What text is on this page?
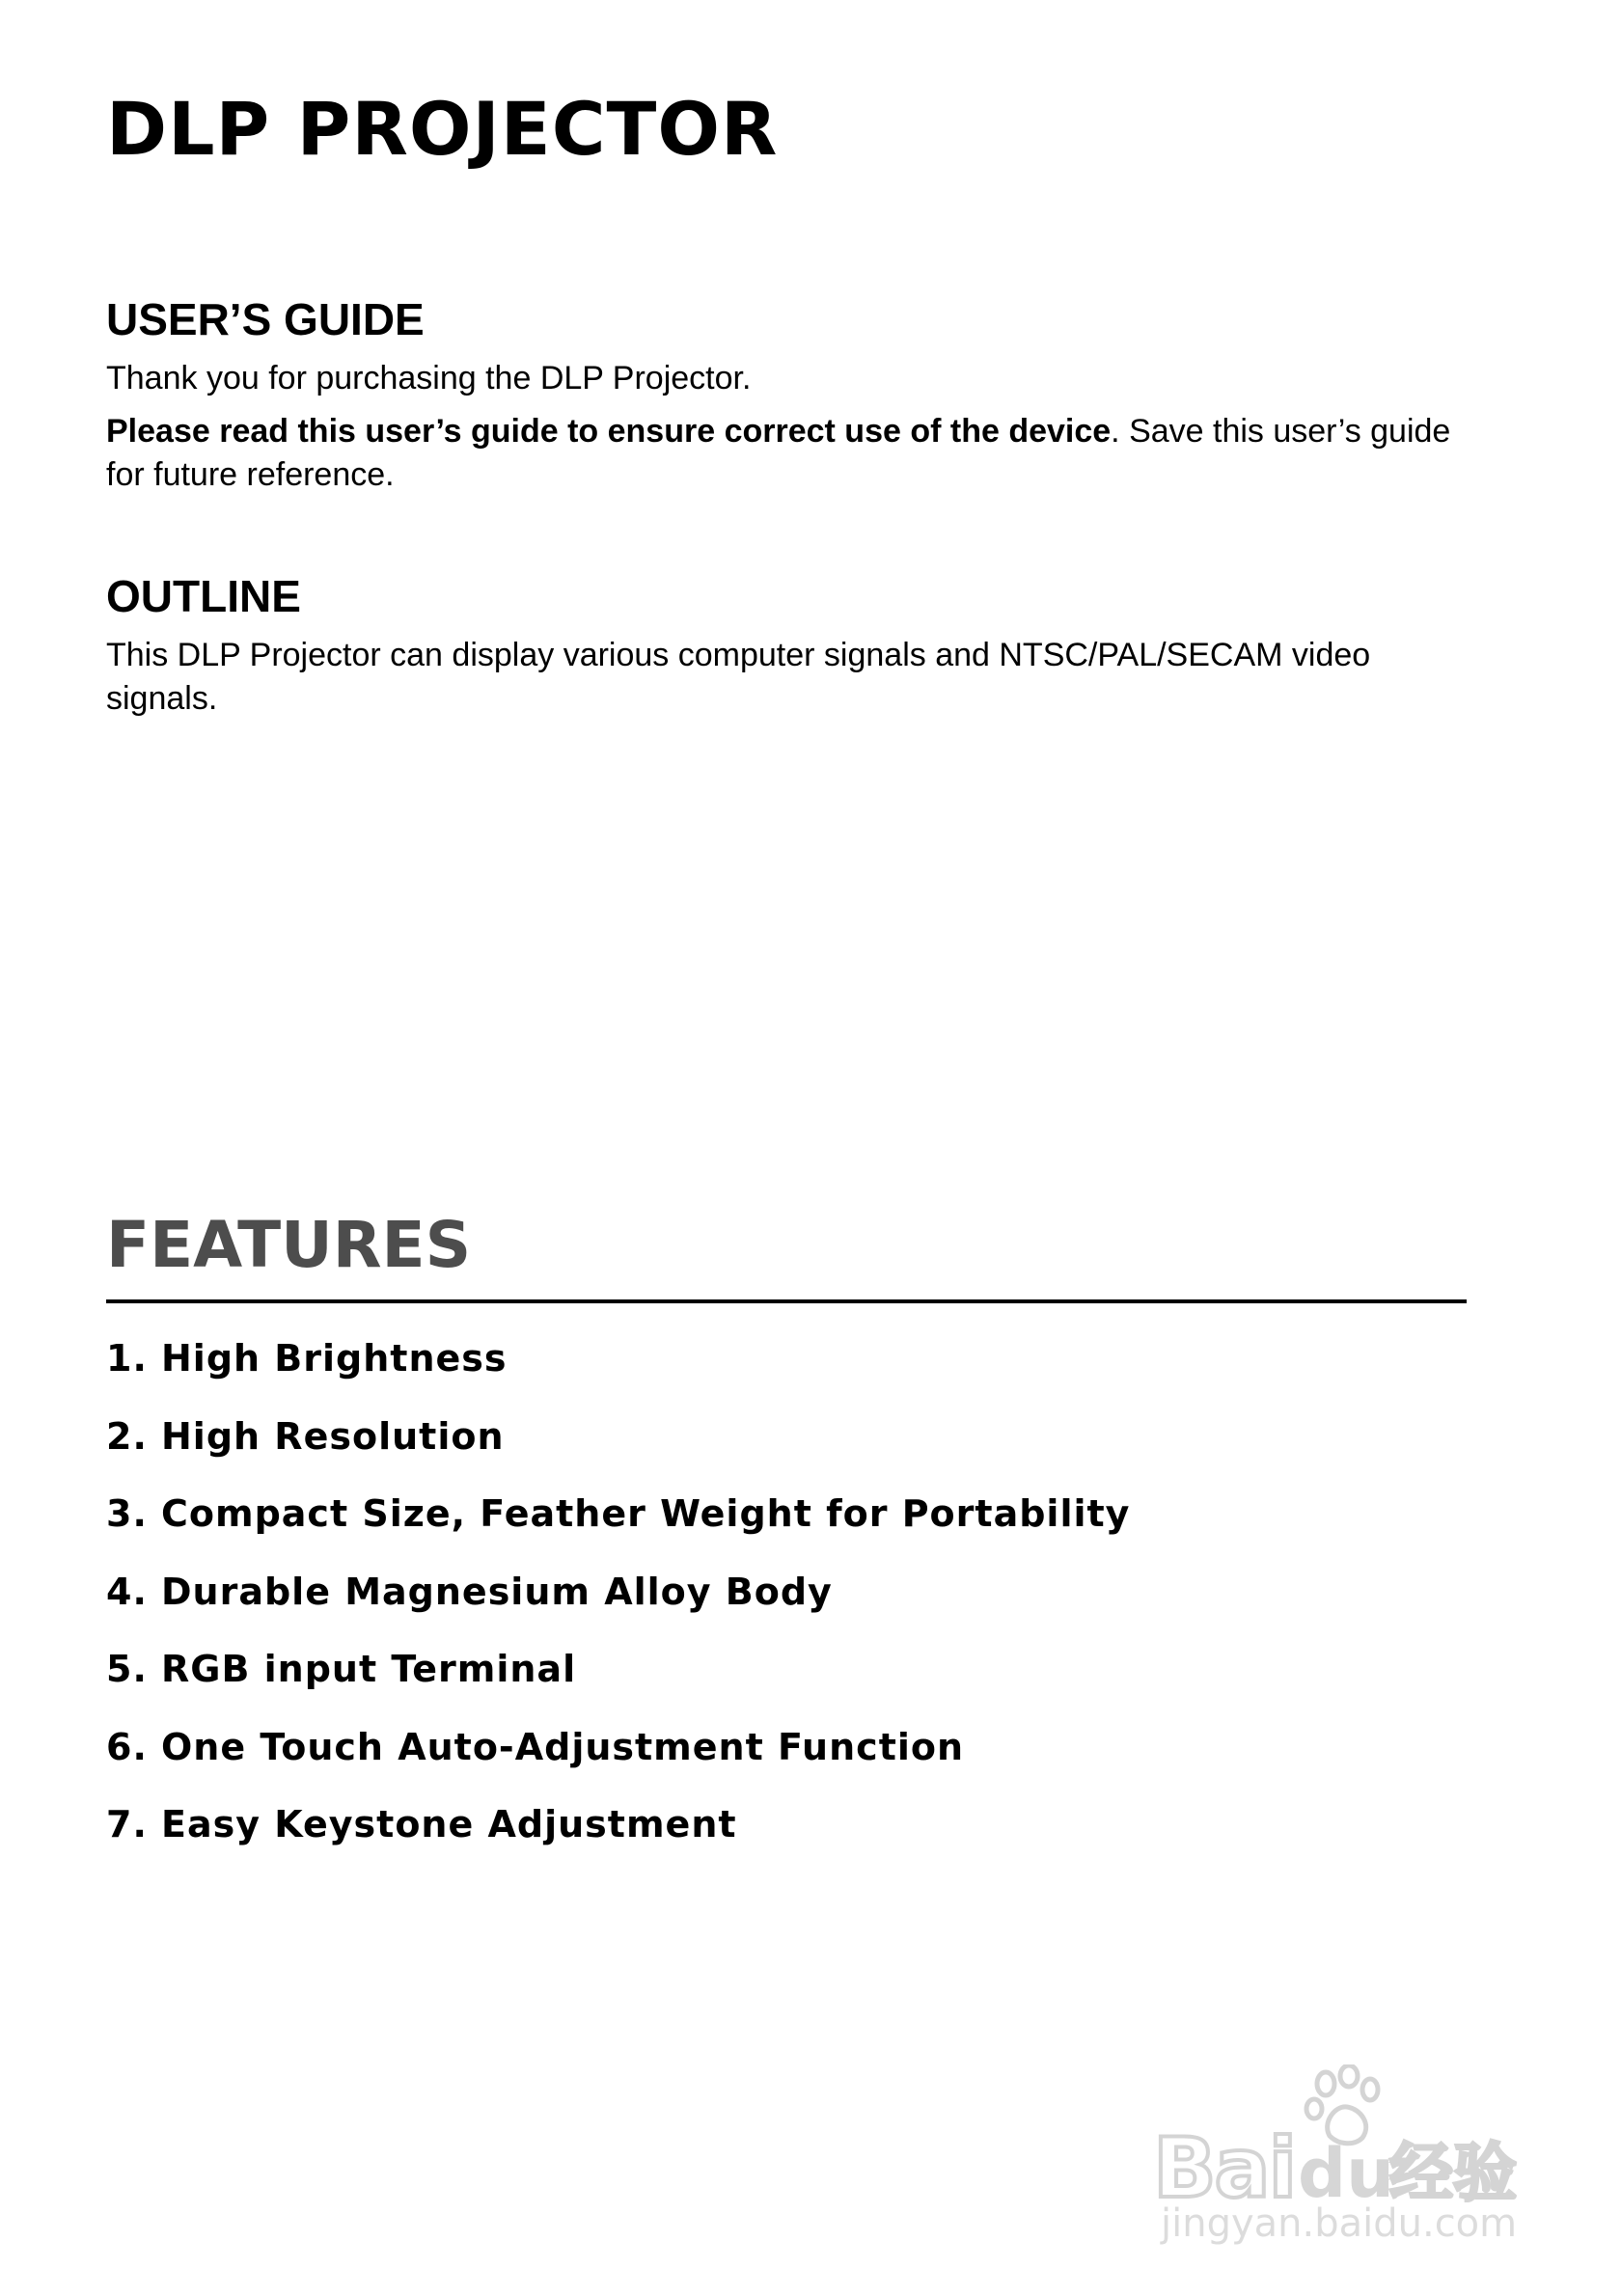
DLP PROJECTOR
USER’S GUIDE

Thank you for purchasing the DLP Projector.

Please read this user’s guide to ensure correct use of the device. Save this user’s guide for future reference.

OUTLINE

This DLP Projector can display various computer signals and NTSC/PAL/SECAM video signals.

FEATURES
1. High Brightness
2. High Resolution
3. Compact Size, Feather Weight for Portability
4. Durable Magnesium Alloy Body
5. RGB input Terminal
6. One Touch Auto-Adjustment Function
7. Easy Keystone Adjustment
Bai du
经验
jingyan.baidu.com
